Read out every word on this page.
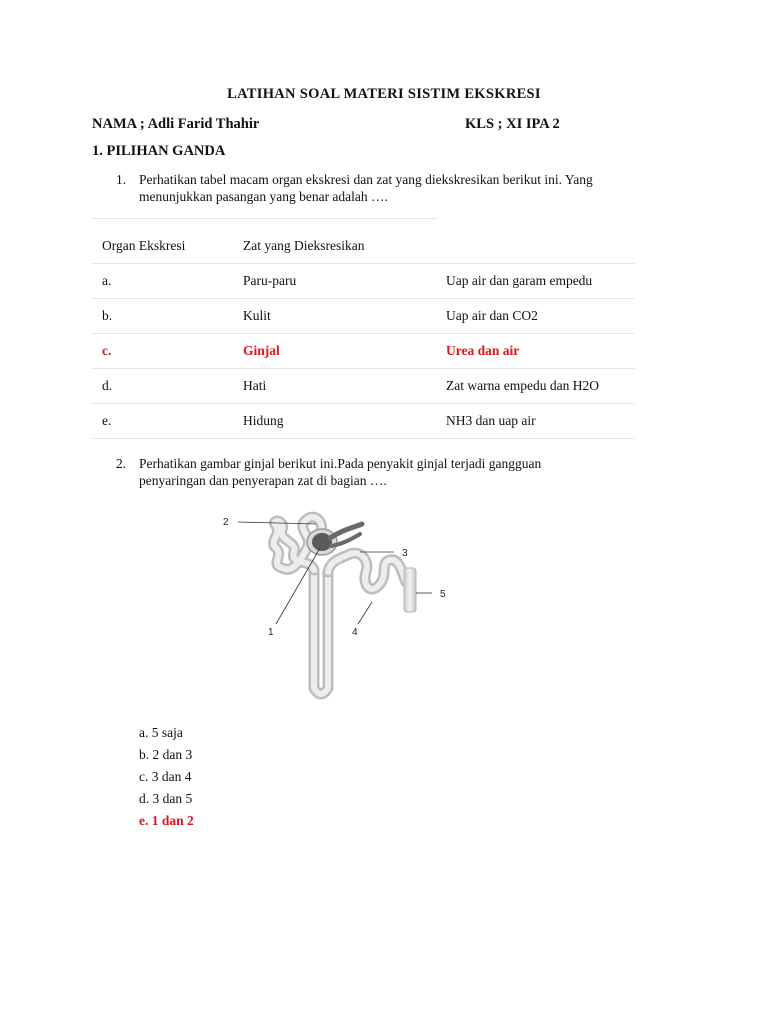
LATIHAN SOAL MATERI SISTIM EKSKRESI
NAMA ; Adli Farid Thahir	KLS ; XI IPA 2
1. PILIHAN GANDA
1. Perhatikan tabel macam organ ekskresi dan zat yang diekskresikan berikut ini. Yang
menunjukkan pasangan yang benar adalah ….
Organ Ekskresi	Zat yang Dieksresikan	
a.	Paru-paru	Uap air dan garam empedu
b.	Kulit	Uap air dan CO2
c.	Ginjal	Urea dan air
d.	Hati	Zat warna empedu dan H2O
e.	Hidung	NH3 dan uap air
2. Perhatikan gambar ginjal berikut ini.Pada penyakit ginjal terjadi gangguan
penyaringan dan penyerapan zat di bagian ….
2
3
5
1	4
a. 5 saja
b. 2 dan 3
c. 3 dan 4
d. 3 dan 5
e. 1 dan 2
